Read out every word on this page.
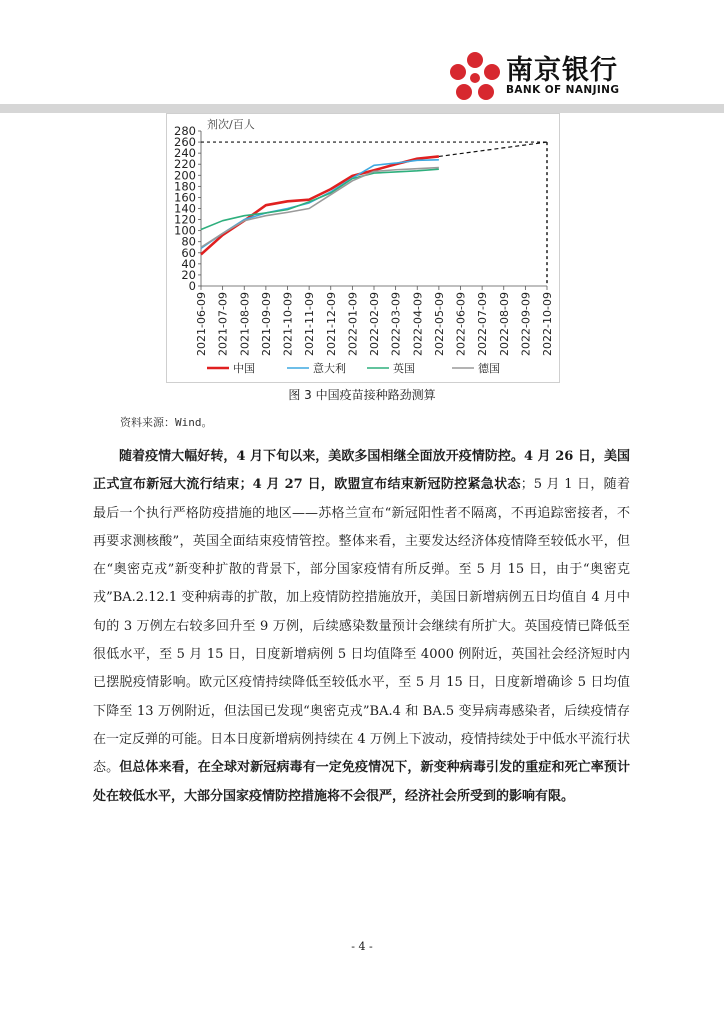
南京银行
BANK OF NANJING
0
20
40
60
80
100
120
140
160
180
200
220
240
260
280 剂次/百人
2021-06-09 2021-07-09 2021-08-09 2021-09-09 2021-10-09 2021-11-09 2021-12-09 2022-01-09 2022-02-09 2022-03-09 2022-04-09 2022-05-09 2022-06-09 2022-07-09 2022-08-09 2022-09-09 2022-10-09
中国	意大利	英国	德国
图 3 中国疫苗接种路劲测算
资料来源：Wind。
随着疫情大幅好转，4 月下旬以来，美欧多国相继全面放开疫情防控。4 月 26 日，美国正式宣布新冠大流行结束；4 月 27 日，欧盟宣布结束新冠防控紧急状态；5 月 1 日，随着最后一个执行严格防疫措施的地区——苏格兰宣布“新冠阳性者不隔离，不再追踪密接者，不再要求测核酸”，英国全面结束疫情管控。整体来看，主要发达经济体疫情降至较低水平，但在“奥密克戎”新变种扩散的背景下，部分国家疫情有所反弹。至 5 月 15 日，由于“奥密克戎”BA.2.12.1 变种病毒的扩散，加上疫情防控措施放开，美国日新增病例五日均值自 4 月中旬的 3 万例左右较多回升至 9 万例，后续感染数量预计会继续有所扩大。英国疫情已降低至很低水平，至 5 月 15 日，日度新增病例 5 日均值降至 4000 例附近，英国社会经济短时内已摆脱疫情影响。欧元区疫情持续降低至较低水平，至 5 月 15 日，日度新增确诊 5 日均值下降至 13 万例附近，但法国已发现“奥密克戎”BA.4 和 BA.5 变异病毒感染者，后续疫情存在一定反弹的可能。日本日度新增病例持续在 4 万例上下波动，疫情持续处于中低水平流行状态。但总体来看，在全球对新冠病毒有一定免疫情况下，新变种病毒引发的重症和死亡率预计处在较低水平，大部分国家疫情防控措施将不会很严，经济社会所受到的影响有限。
- 4 -
